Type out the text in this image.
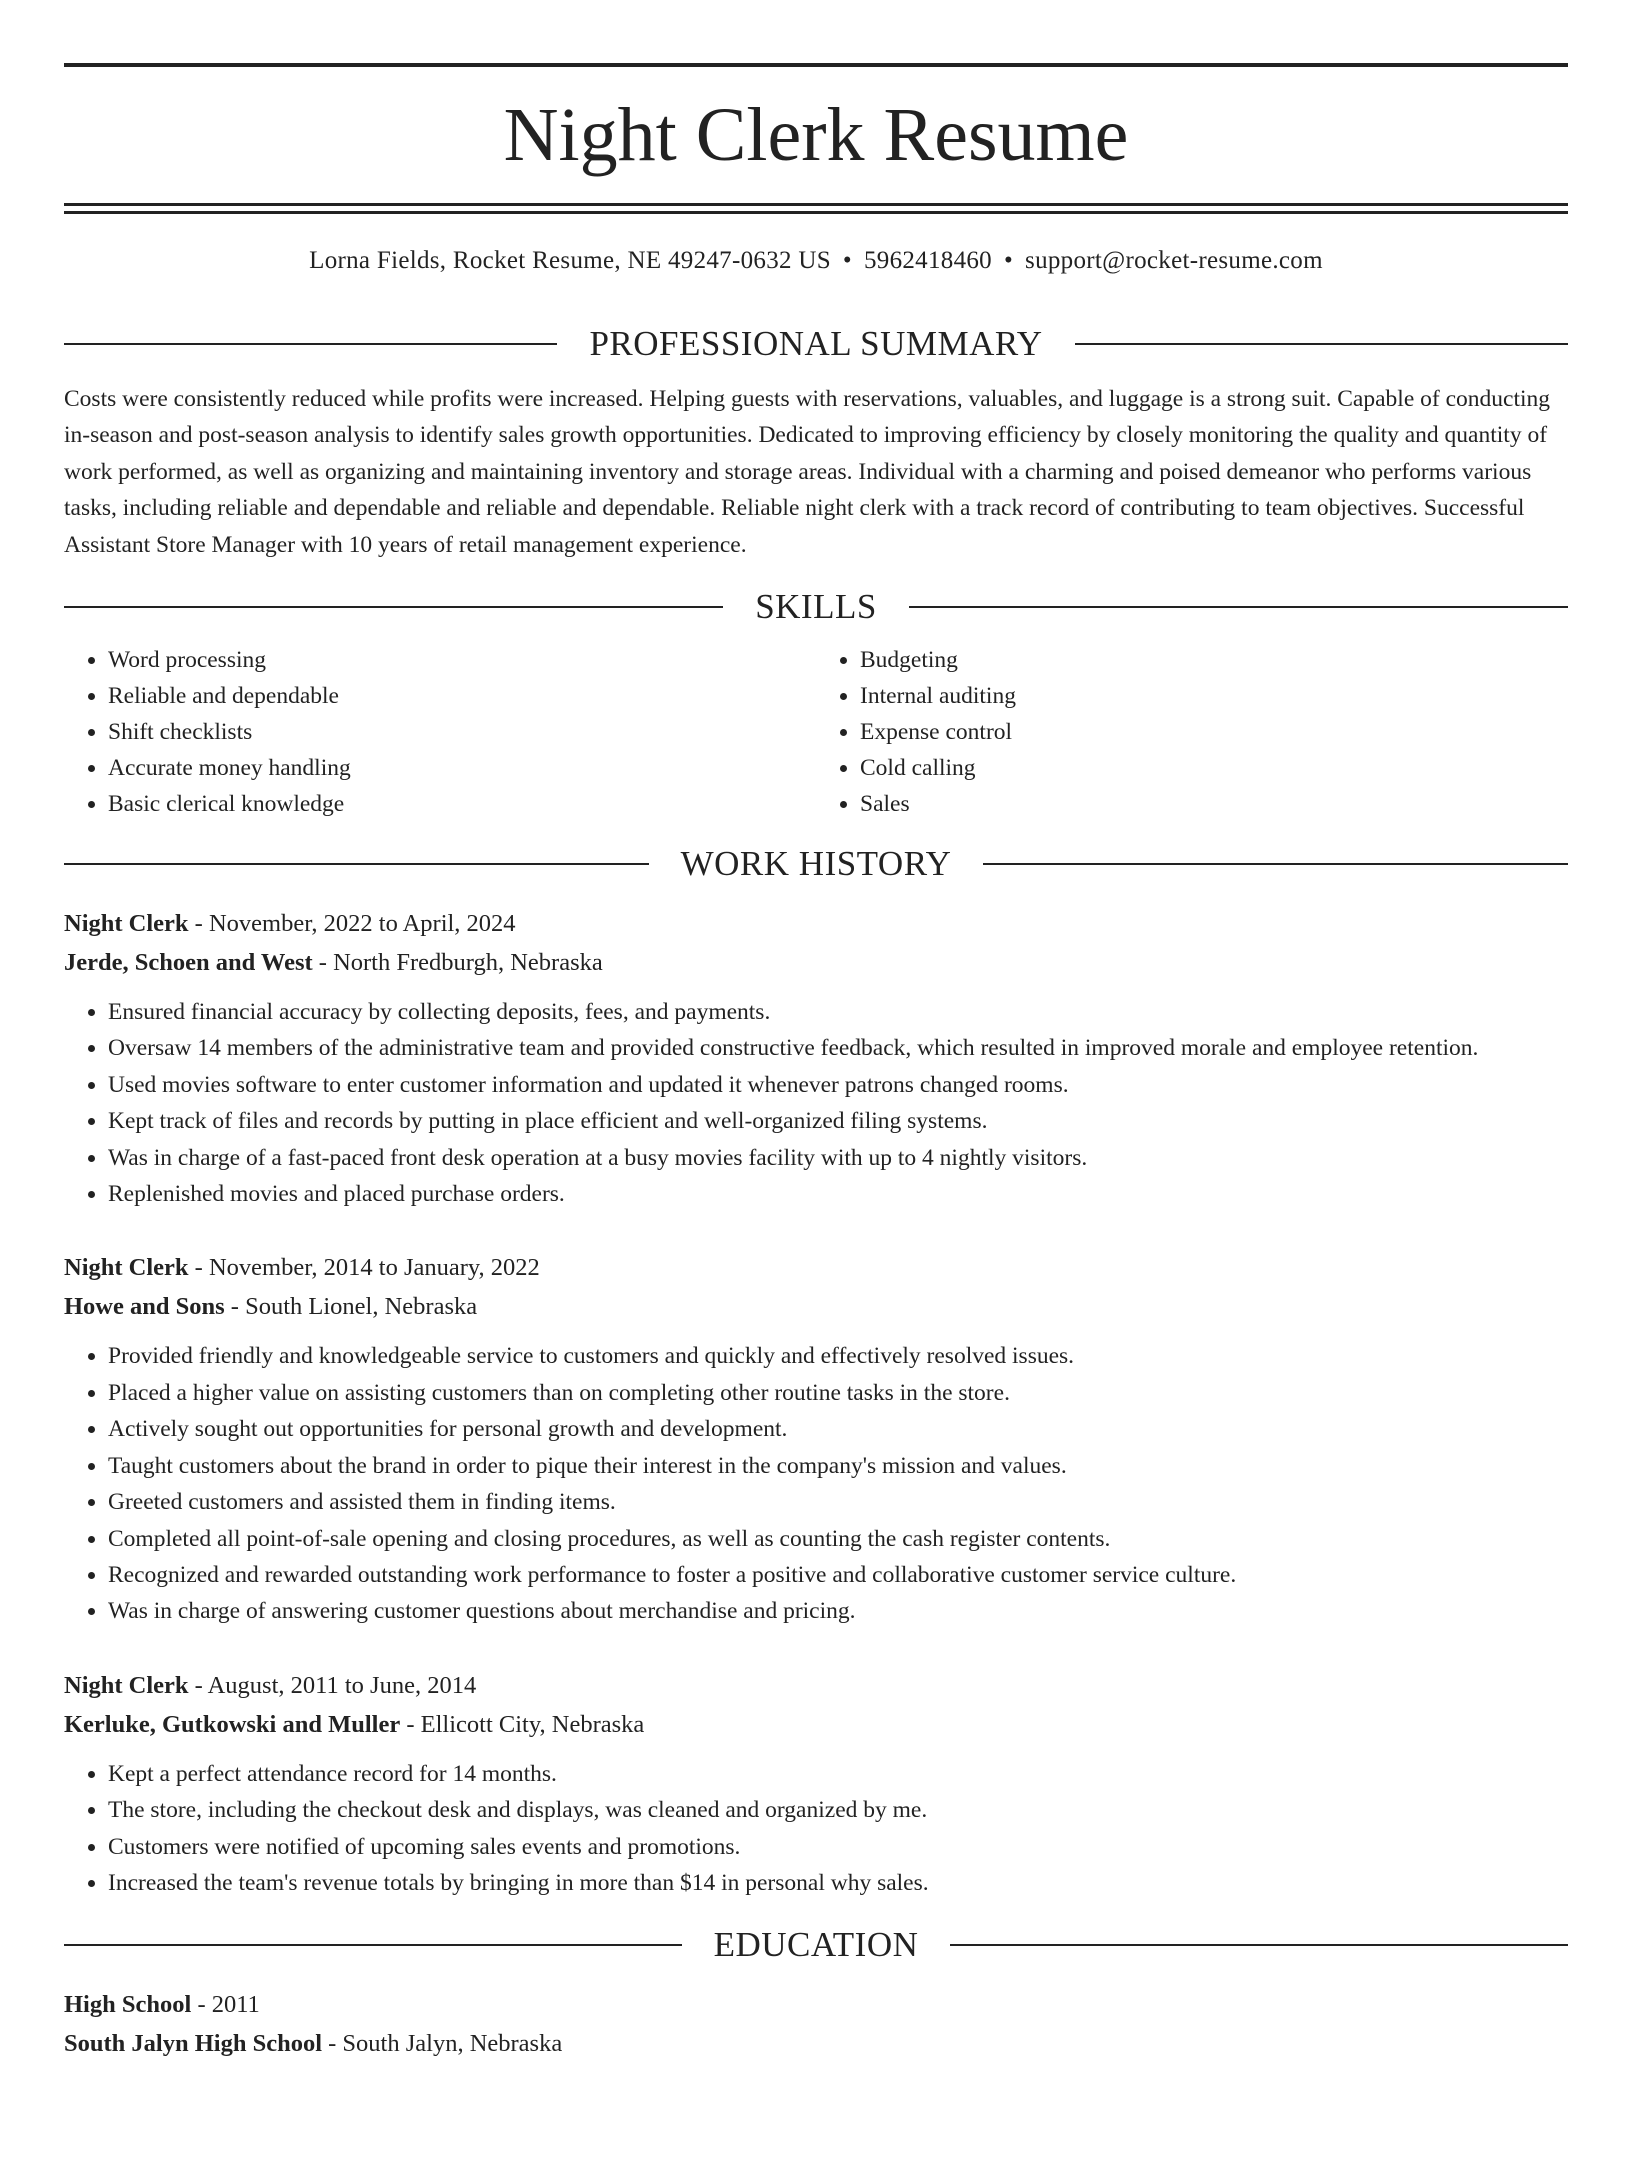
Night Clerk Resume
Lorna Fields, Rocket Resume, NE 49247-0632 US • 5962418460 • support@rocket-resume.com
PROFESSIONAL SUMMARY
Costs were consistently reduced while profits were increased. Helping guests with reservations, valuables, and luggage is a strong suit. Capable of conducting in-season and post-season analysis to identify sales growth opportunities. Dedicated to improving efficiency by closely monitoring the quality and quantity of work performed, as well as organizing and maintaining inventory and storage areas. Individual with a charming and poised demeanor who performs various tasks, including reliable and dependable and reliable and dependable. Reliable night clerk with a track record of contributing to team objectives. Successful Assistant Store Manager with 10 years of retail management experience.
SKILLS
• Word processing
• Reliable and dependable
• Shift checklists
• Accurate money handling
• Basic clerical knowledge
• Budgeting
• Internal auditing
• Expense control
• Cold calling
• Sales
WORK HISTORY
Night Clerk - November, 2022 to April, 2024
Jerde, Schoen and West - North Fredburgh, Nebraska
• Ensured financial accuracy by collecting deposits, fees, and payments.
• Oversaw 14 members of the administrative team and provided constructive feedback, which resulted in improved morale and employee retention.
• Used movies software to enter customer information and updated it whenever patrons changed rooms.
• Kept track of files and records by putting in place efficient and well-organized filing systems.
• Was in charge of a fast-paced front desk operation at a busy movies facility with up to 4 nightly visitors.
• Replenished movies and placed purchase orders.
Night Clerk - November, 2014 to January, 2022
Howe and Sons - South Lionel, Nebraska
• Provided friendly and knowledgeable service to customers and quickly and effectively resolved issues.
• Placed a higher value on assisting customers than on completing other routine tasks in the store.
• Actively sought out opportunities for personal growth and development.
• Taught customers about the brand in order to pique their interest in the company's mission and values.
• Greeted customers and assisted them in finding items.
• Completed all point-of-sale opening and closing procedures, as well as counting the cash register contents.
• Recognized and rewarded outstanding work performance to foster a positive and collaborative customer service culture.
• Was in charge of answering customer questions about merchandise and pricing.
Night Clerk - August, 2011 to June, 2014
Kerluke, Gutkowski and Muller - Ellicott City, Nebraska
• Kept a perfect attendance record for 14 months.
• The store, including the checkout desk and displays, was cleaned and organized by me.
• Customers were notified of upcoming sales events and promotions.
• Increased the team's revenue totals by bringing in more than $14 in personal why sales.
EDUCATION
High School - 2011
South Jalyn High School - South Jalyn, Nebraska
